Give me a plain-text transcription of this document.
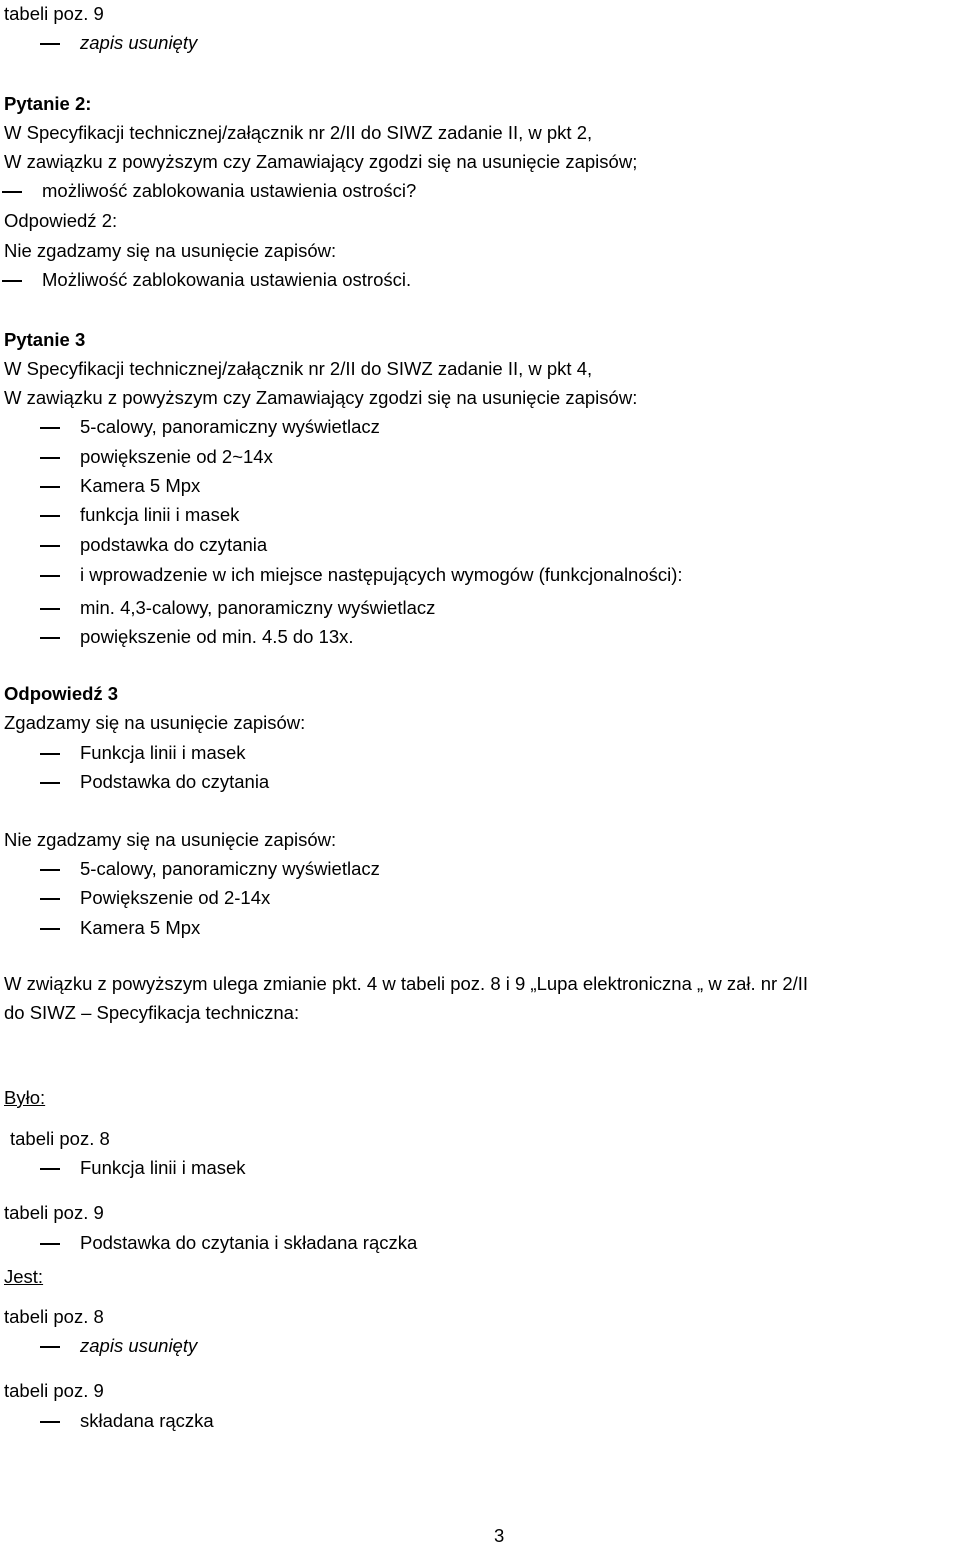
tabeli poz. 9
zapis usunięty
Pytanie 2:
W Specyfikacji technicznej/załącznik nr 2/II do SIWZ zadanie II, w pkt 2,
W zawiązku z powyższym czy Zamawiający zgodzi się na usunięcie zapisów;
możliwość zablokowania ustawienia ostrości?
Odpowiedź 2:
Nie zgadzamy się na usunięcie zapisów:
Możliwość zablokowania ustawienia ostrości.
Pytanie 3
W Specyfikacji technicznej/załącznik nr 2/II do SIWZ zadanie II, w pkt 4,
W zawiązku z powyższym czy Zamawiający zgodzi się na usunięcie zapisów:
5-calowy, panoramiczny wyświetlacz
powiększenie od 2~14x
Kamera 5 Mpx
funkcja linii i masek
podstawka do czytania
i wprowadzenie w ich miejsce następujących wymogów (funkcjonalności):
min. 4,3-calowy, panoramiczny wyświetlacz
powiększenie od min. 4.5 do 13x.
Odpowiedź 3
Zgadzamy się na usunięcie zapisów:
Funkcja linii i masek
Podstawka do czytania
Nie zgadzamy się na usunięcie zapisów:
5-calowy, panoramiczny wyświetlacz
Powiększenie od 2-14x
Kamera 5 Mpx
W związku z powyższym ulega zmianie pkt. 4 w tabeli poz. 8 i 9 „Lupa elektroniczna „ w zał. nr 2/II
do SIWZ – Specyfikacja techniczna:
Było:
tabeli poz. 8
Funkcja linii i masek
tabeli poz. 9
Podstawka do czytania i składana rączka
Jest:
tabeli poz. 8
zapis usunięty
tabeli poz. 9
składana rączka
3
